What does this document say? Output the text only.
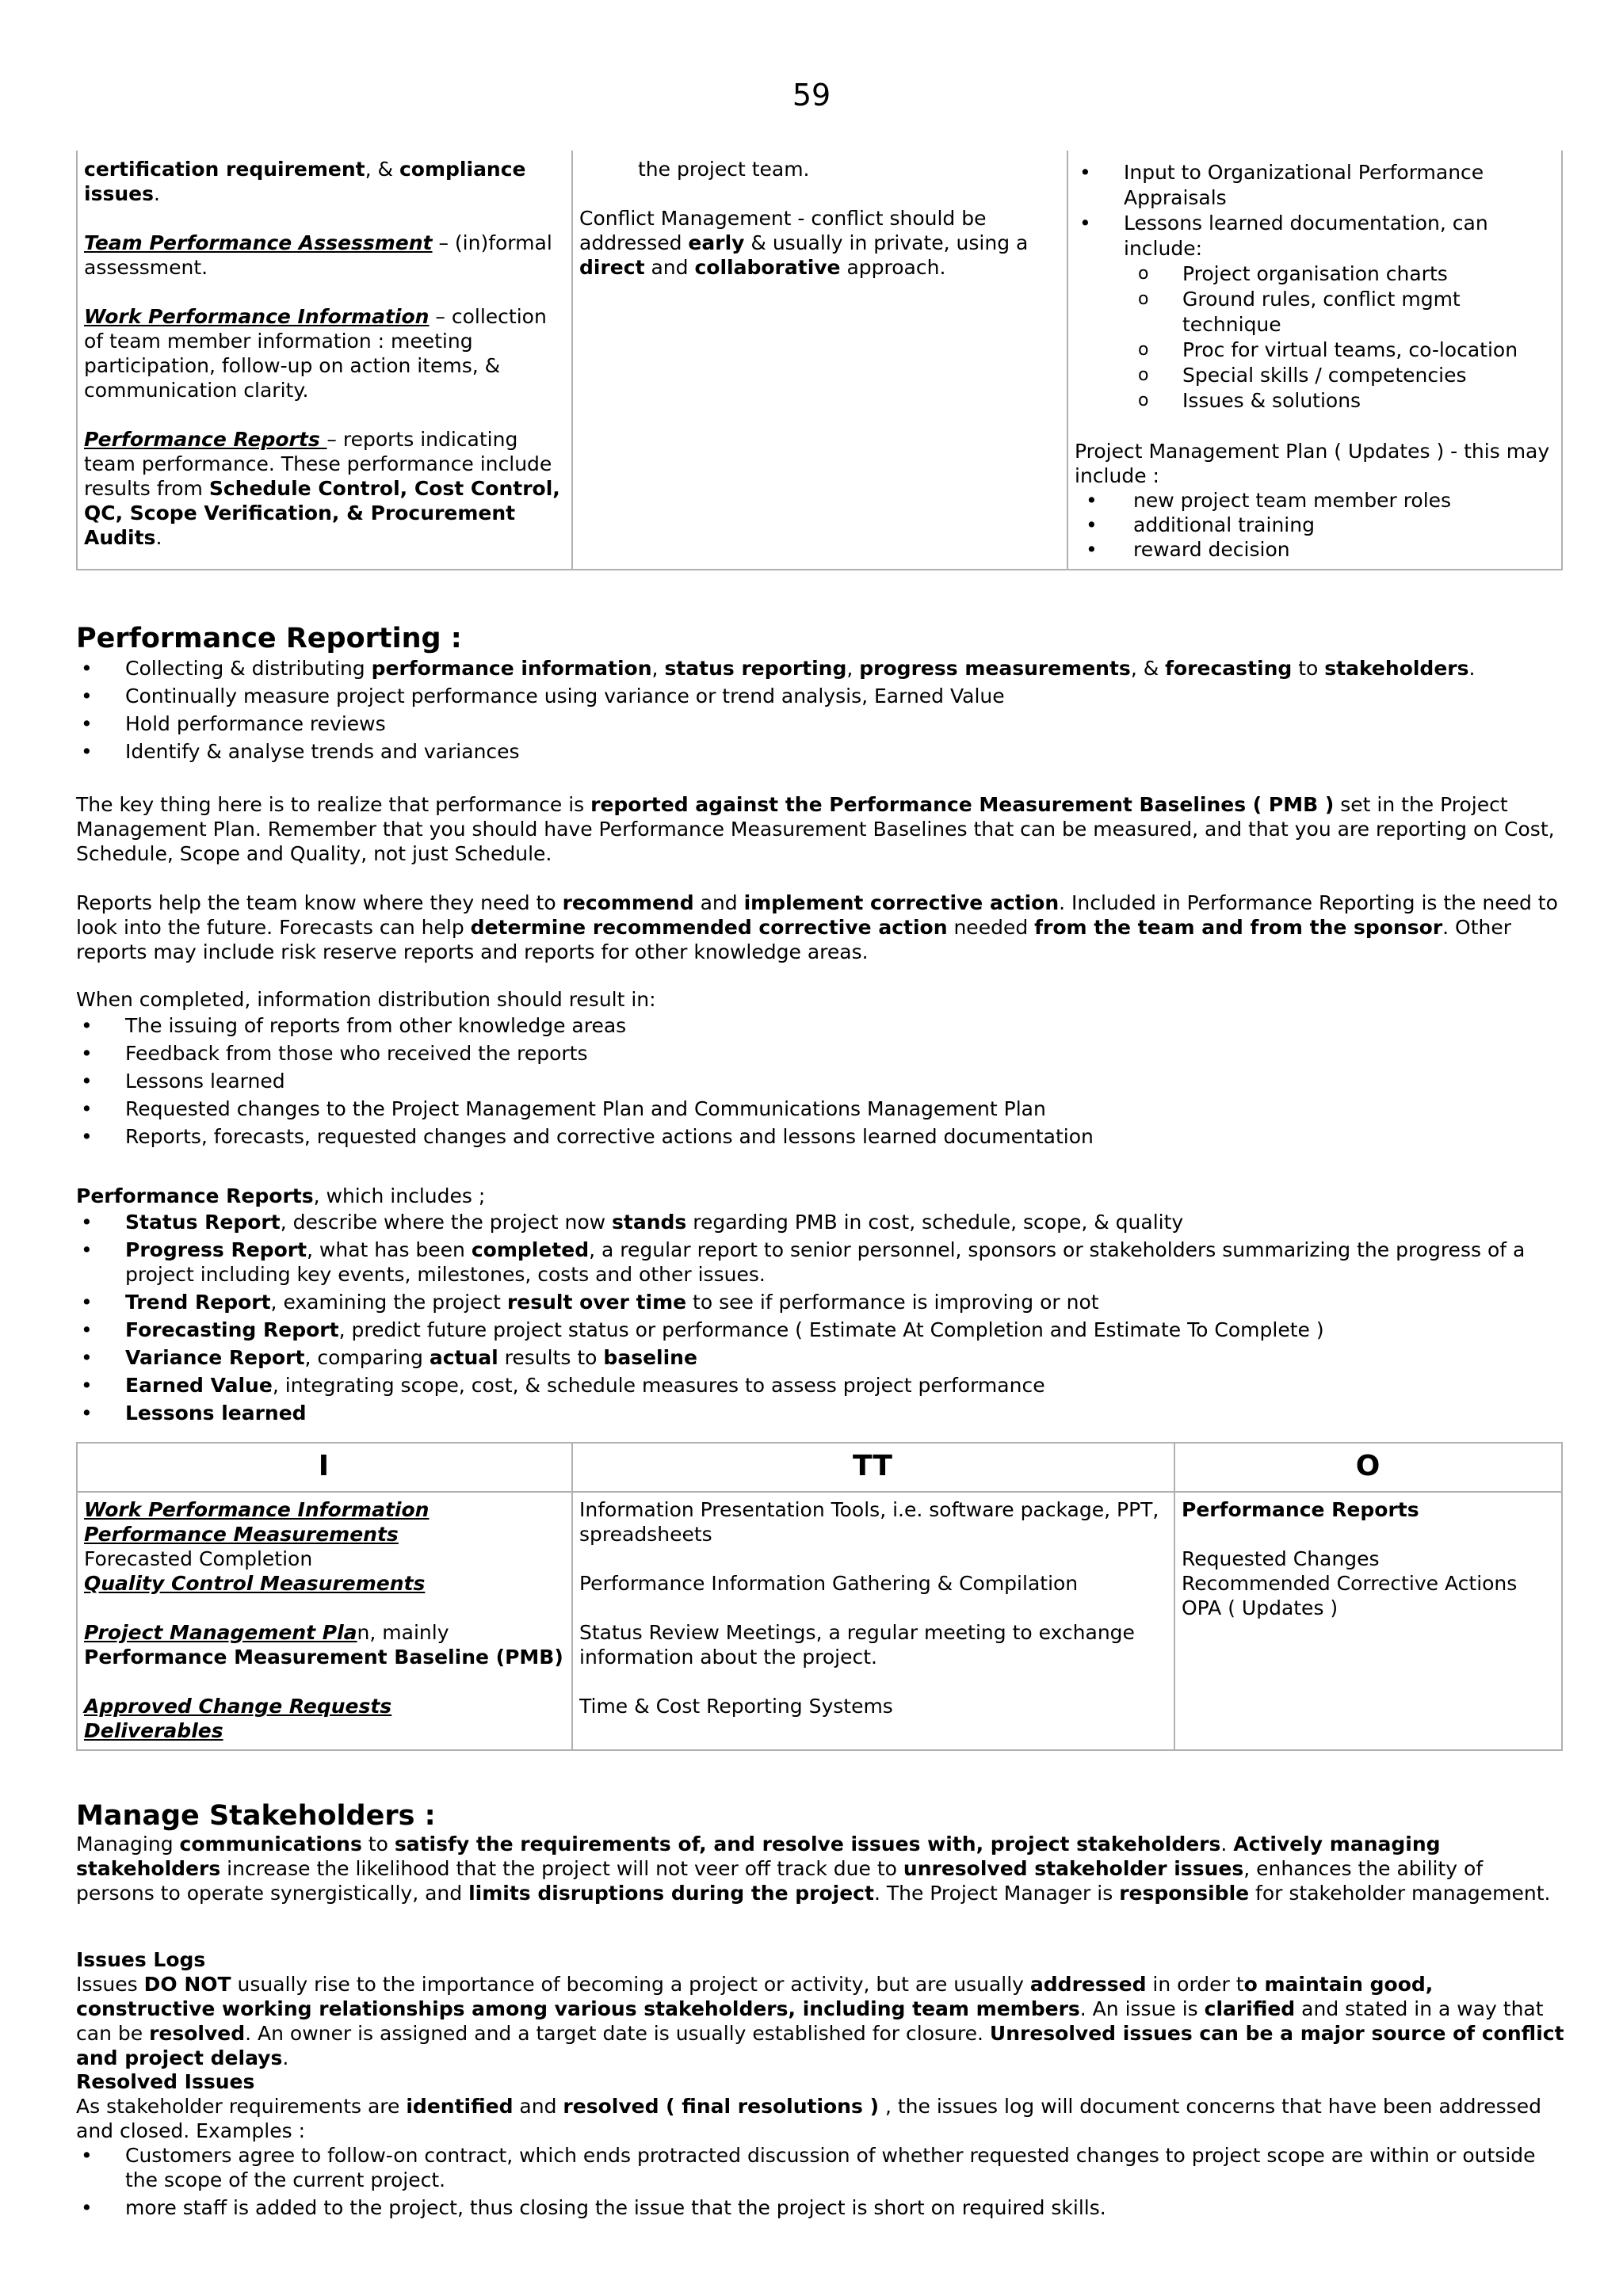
59
certification requirement, & compliance issues.
Team Performance Assessment – (in)formal assessment.
Work Performance Information – collection of team member information : meeting participation, follow-up on action items, & communication clarity.
Performance Reports – reports indicating team performance. These performance include results from Schedule Control, Cost Control, QC, Scope Verification, & Procurement Audits.
the project team.
Conflict Management - conflict should be addressed early & usually in private, using a direct and collaborative approach.
• Input to Organizational Performance Appraisals
• Lessons learned documentation, can include:
o Project organisation charts
o Ground rules, conflict mgmt technique
o Proc for virtual teams, co-location
o Special skills / competencies
o Issues & solutions
Project Management Plan ( Updates ) - this may include :
• new project team member roles
• additional training
• reward decision
Performance Reporting :
• Collecting & distributing performance information, status reporting, progress measurements, & forecasting to stakeholders.
• Continually measure project performance using variance or trend analysis, Earned Value
• Hold performance reviews
• Identify & analyse trends and variances
The key thing here is to realize that performance is reported against the Performance Measurement Baselines ( PMB ) set in the Project Management Plan. Remember that you should have Performance Measurement Baselines that can be measured, and that you are reporting on Cost, Schedule, Scope and Quality, not just Schedule.
Reports help the team know where they need to recommend and implement corrective action. Included in Performance Reporting is the need to look into the future. Forecasts can help determine recommended corrective action needed from the team and from the sponsor. Other reports may include risk reserve reports and reports for other knowledge areas.
When completed, information distribution should result in:
• The issuing of reports from other knowledge areas
• Feedback from those who received the reports
• Lessons learned
• Requested changes to the Project Management Plan and Communications Management Plan
• Reports, forecasts, requested changes and corrective actions and lessons learned documentation
Performance Reports, which includes ;
• Status Report, describe where the project now stands regarding PMB in cost, schedule, scope, & quality
• Progress Report, what has been completed, a regular report to senior personnel, sponsors or stakeholders summarizing the progress of a project including key events, milestones, costs and other issues.
• Trend Report, examining the project result over time to see if performance is improving or not
• Forecasting Report, predict future project status or performance ( Estimate At Completion and Estimate To Complete )
• Variance Report, comparing actual results to baseline
• Earned Value, integrating scope, cost, & schedule measures to assess project performance
• Lessons learned
I	TT	O
Work Performance Information
Performance Measurements
Forecasted Completion
Quality Control Measurements
Project Management Plan, mainly Performance Measurement Baseline (PMB)
Approved Change Requests
Deliverables
Information Presentation Tools, i.e. software package, PPT, spreadsheets
Performance Information Gathering & Compilation
Status Review Meetings, a regular meeting to exchange information about the project.
Time & Cost Reporting Systems
Performance Reports
Requested Changes
Recommended Corrective Actions
OPA ( Updates )
Manage Stakeholders :
Managing communications to satisfy the requirements of, and resolve issues with, project stakeholders. Actively managing stakeholders increase the likelihood that the project will not veer off track due to unresolved stakeholder issues, enhances the ability of persons to operate synergistically, and limits disruptions during the project. The Project Manager is responsible for stakeholder management.
Issues Logs
Issues DO NOT usually rise to the importance of becoming a project or activity, but are usually addressed in order to maintain good, constructive working relationships among various stakeholders, including team members. An issue is clarified and stated in a way that can be resolved. An owner is assigned and a target date is usually established for closure. Unresolved issues can be a major source of conflict and project delays.
Resolved Issues
As stakeholder requirements are identified and resolved ( final resolutions ) , the issues log will document concerns that have been addressed and closed. Examples :
• Customers agree to follow-on contract, which ends protracted discussion of whether requested changes to project scope are within or outside the scope of the current project.
• more staff is added to the project, thus closing the issue that the project is short on required skills.
